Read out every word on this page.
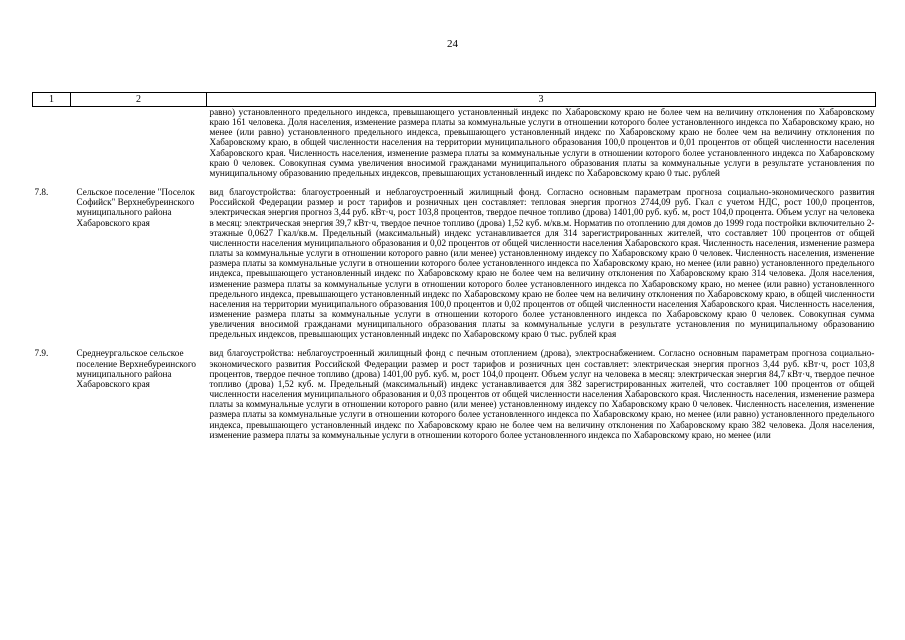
24
1	2	3
		равно) установленного предельного индекса, превышающего установленный индекс по Хабаровскому краю не более чем на величину отклонения по Хабаровскому краю 161 человека. Доля населения, изменение размера платы за коммунальные услуги в отношении которого более установленного индекса по Хабаровскому краю, но менее (или равно) установленного предельного индекса, превышающего установленный индекс по Хабаровскому краю не более чем на величину отклонения по Хабаровскому краю, в общей численности населения на территории муниципального образования 100,0 процентов и 0,01 процентов от общей численности населения Хабаровского края. Численность населения, изменение размера платы за коммунальные услуги в отношении которого более установленного индекса по Хабаровскому краю 0 человек. Совокупная сумма увеличения вносимой гражданами муниципального образования платы за коммунальные услуги в результате установления по муниципальному образованию предельных индексов, превышающих установленный индекс по Хабаровскому краю 0 тыс. рублей
7.8.	Сельское поселение "Поселок Софийск" Верхнебуреинского муниципального района Хабаровского края	вид благоустройства: благоустроенный и неблагоустроенный жилищный фонд. Согласно основным параметрам прогноза социально-экономического развития Российской Федерации размер и рост тарифов и розничных цен составляет: тепловая энергия прогноз 2744,09 руб. Гкал с учетом НДС, рост 100,0 процентов, электрическая энергия прогноз 3,44 руб. кВт·ч, рост 103,8 процентов, твердое печное топливо (дрова) 1401,00 руб. куб. м, рост 104,0 процента. Объем услуг на человека в месяц: электрическая энергия 39,7 кВт·ч, твердое печное топливо (дрова) 1,52 куб. м/кв.м. Норматив по отоплению для домов до 1999 года постройки включительно 2-этажные 0,0627 Гкал/кв.м. Предельный (максимальный) индекс устанавливается для 314 зарегистрированных жителей, что составляет 100 процентов от общей численности населения муниципального образования и 0,02 процентов от общей численности населения Хабаровского края. Численность населения, изменение размера платы за коммунальные услуги в отношении которого равно (или менее) установленному индексу по Хабаровскому краю 0 человек. Численность населения, изменение размера платы за коммунальные услуги в отношении которого более установленного индекса по Хабаровскому краю, но менее (или равно) установленного предельного индекса, превышающего установленный индекс по Хабаровскому краю не более чем на величину отклонения по Хабаровскому краю 314 человека. Доля населения, изменение размера платы за коммунальные услуги в отношении которого более установленного индекса по Хабаровскому краю, но менее (или равно) установленного предельного индекса, превышающего установленный индекс по Хабаровскому краю не более чем на величину отклонения по Хабаровскому краю, в общей численности населения на территории муниципального образования 100,0 процентов и 0,02 процентов от общей численности населения Хабаровского края. Численность населения, изменение размера платы за коммунальные услуги в отношении которого более установленного индекса по Хабаровскому краю 0 человек. Совокупная сумма увеличения вносимой гражданами муниципального образования платы за коммунальные услуги в результате установления по муниципальному образованию предельных индексов, превышающих установленный индекс по Хабаровскому краю 0 тыс. рублей края
7.9.	Среднеургальское сельское поселение Верхнебуреинского муниципального района Хабаровского края	вид благоустройства: неблагоустроенный жилищный фонд с печным отоплением (дрова), электроснабжением. Согласно основным параметрам прогноза социально-экономического развития Российской Федерации размер и рост тарифов и розничных цен составляет: электрическая энергия прогноз 3,44 руб. кВт·ч, рост 103,8 процентов, твердое печное топливо (дрова) 1401,00 руб. куб. м, рост 104,0 процент. Объем услуг на человека в месяц: электрическая энергия 84,7 кВт·ч, твердое печное топливо (дрова) 1,52 куб. м. Предельный (максимальный) индекс устанавливается для 382 зарегистрированных жителей, что составляет 100 процентов от общей численности населения муниципального образования и 0,03 процентов от общей численности населения Хабаровского края. Численность населения, изменение размера платы за коммунальные услуги в отношении которого равно (или менее) установленному индексу по Хабаровскому краю 0 человек. Численность населения, изменение размера платы за коммунальные услуги в отношении которого более установленного индекса по Хабаровскому краю, но менее (или равно) установленного предельного индекса, превышающего установленный индекс по Хабаровскому краю не более чем на величину отклонения по Хабаровскому краю 382 человека. Доля населения, изменение размера платы за коммунальные услуги в отношении которого более установленного индекса по Хабаровскому краю, но менее (или
